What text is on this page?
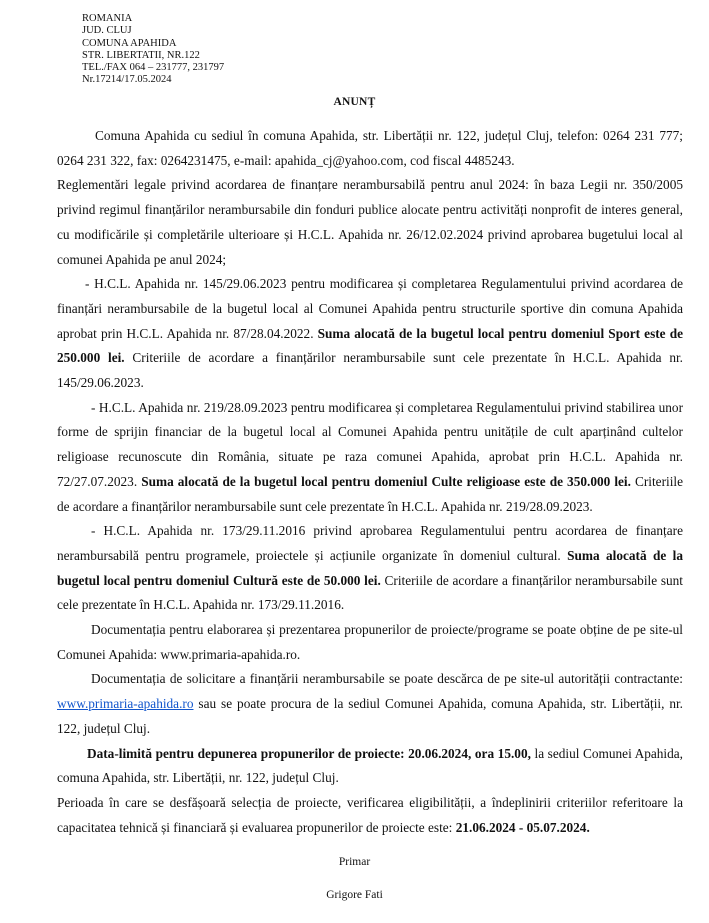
ROMANIA
JUD. CLUJ
COMUNA APAHIDA
STR. LIBERTATII, NR.122
TEL./FAX 064 – 231777, 231797
Nr.17214/17.05.2024
ANUNȚ

Comuna Apahida cu sediul în comuna Apahida, str. Libertății nr. 122, județul Cluj, telefon: 0264 231 777; 0264 231 322, fax: 0264231475, e-mail: apahida_cj@yahoo.com, cod fiscal 4485243.

Reglementări legale privind acordarea de finanțare nerambursabilă pentru anul 2024: în baza Legii nr. 350/2005 privind regimul finanțărilor nerambursabile din fonduri publice alocate pentru activități nonprofit de interes general, cu modificările și completările ulterioare și H.C.L. Apahida nr. 26/12.02.2024 privind aprobarea bugetului local al comunei Apahida pe anul 2024;

- H.C.L. Apahida nr. 145/29.06.2023 pentru modificarea și completarea Regulamentului privind acordarea de finanțări nerambursabile de la bugetul local al Comunei Apahida pentru structurile sportive din comuna Apahida aprobat prin H.C.L. Apahida nr. 87/28.04.2022. Suma alocată de la bugetul local pentru domeniul Sport este de 250.000 lei. Criteriile de acordare a finanțărilor nerambursabile sunt cele prezentate în H.C.L. Apahida nr. 145/29.06.2023.

- H.C.L. Apahida nr. 219/28.09.2023 pentru modificarea și completarea Regulamentului privind stabilirea unor forme de sprijin financiar de la bugetul local al Comunei Apahida pentru unitățile de cult aparținând cultelor religioase recunoscute din România, situate pe raza comunei Apahida, aprobat prin H.C.L. Apahida nr. 72/27.07.2023. Suma alocată de la bugetul local pentru domeniul Culte religioase este de 350.000 lei. Criteriile de acordare a finanțărilor nerambursabile sunt cele prezentate în H.C.L. Apahida nr. 219/28.09.2023.

- H.C.L. Apahida nr. 173/29.11.2016 privind aprobarea Regulamentului pentru acordarea de finanțare nerambursabilă pentru programele, proiectele și acțiunile organizate în domeniul cultural. Suma alocată de la bugetul local pentru domeniul Cultură este de 50.000 lei. Criteriile de acordare a finanțărilor nerambursabile sunt cele prezentate în H.C.L. Apahida nr. 173/29.11.2016.

Documentația pentru elaborarea și prezentarea propunerilor de proiecte/programe se poate obține de pe site-ul Comunei Apahida: www.primaria-apahida.ro.

Documentația de solicitare a finanțării nerambursabile se poate descărca de pe site-ul autorității contractante: www.primaria-apahida.ro sau se poate procura de la sediul Comunei Apahida, comuna Apahida, str. Libertății, nr. 122, județul Cluj.

Data-limită pentru depunerea propunerilor de proiecte: 20.06.2024, ora 15.00, la sediul Comunei Apahida, comuna Apahida, str. Libertății, nr. 122, județul Cluj.

Perioada în care se desfășoară selecția de proiecte, verificarea eligibilității, a îndeplinirii criteriilor referitoare la capacitatea tehnică și financiară și evaluarea propunerilor de proiecte este: 21.06.2024 - 05.07.2024.

Primar
Grigore Fati
